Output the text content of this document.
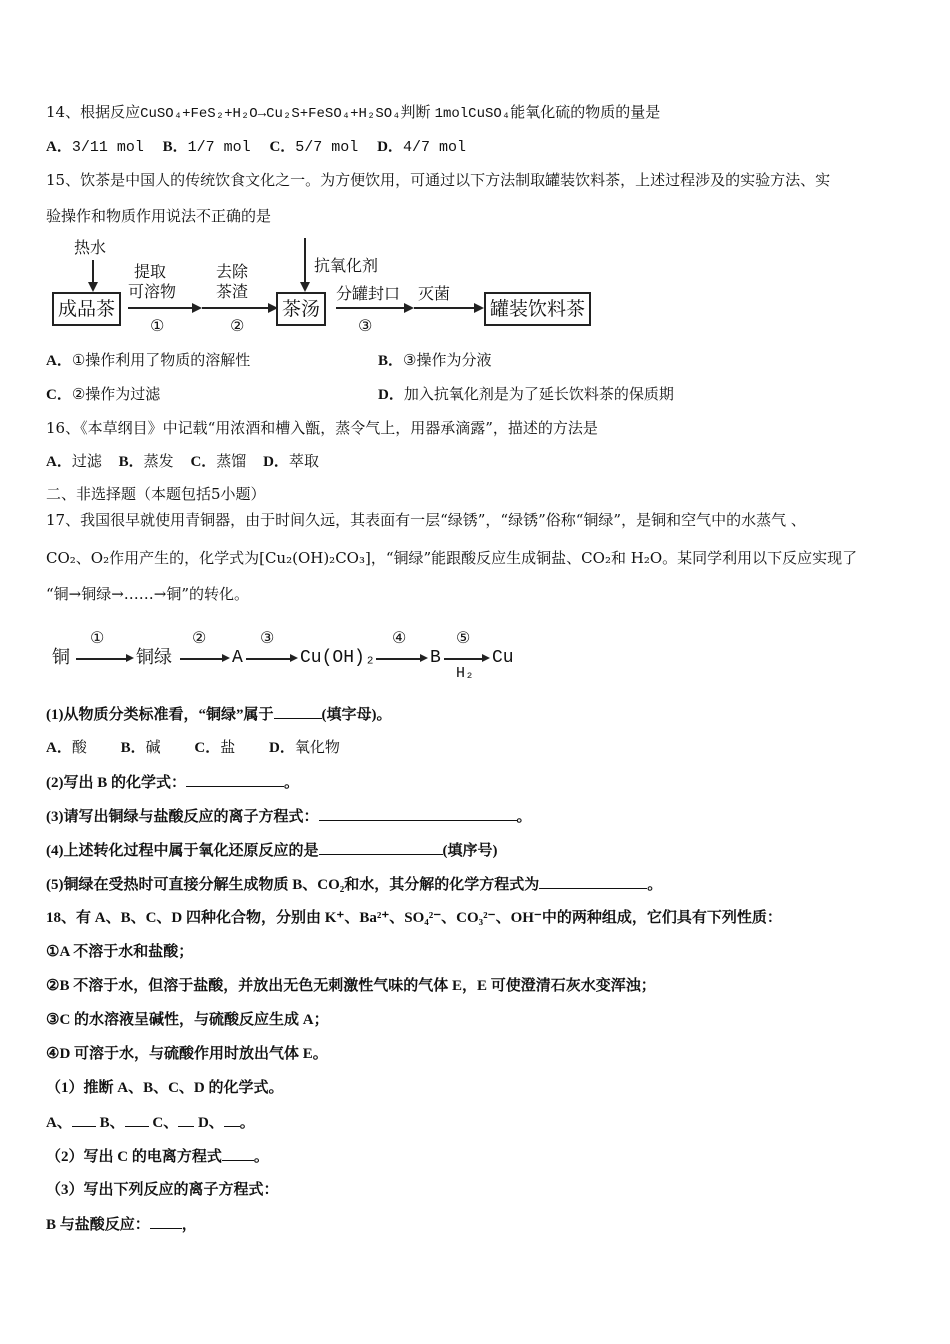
14、根据反应CuSO₄+FeS₂+H₂O→Cu₂S+FeSO₄+H₂SO₄判断 1molCuSO₄能氧化硫的物质的量是
A．3/11 mol B．1/7 mol C．5/7 mol D．4/7 mol
15、饮茶是中国人的传统饮食文化之一。为方便饮用，可通过以下方法制取罐装饮料茶，上述过程涉及的实验方法、实
验操作和物质作用说法不正确的是
热水
成品茶
提取
可溶物
①
去除
茶渣
②
抗氧化剂
茶汤
分罐封口 灭菌
③
罐装饮料茶
A．①操作利用了物质的溶解性	B．③操作为分液
C．②操作为过滤	D．加入抗氧化剂是为了延长饮料茶的保质期
16、《本草纲目》中记载“用浓酒和槽入甑，蒸令气上，用器承滴露”，描述的方法是
A．过滤 B．蒸发 C．蒸馏 D．萃取
二、非选择题（本题包括5小题）
17、我国很早就使用青铜器，由于时间久远，其表面有一层“绿锈”，“绿锈”俗称“铜绿”，是铜和空气中的水蒸气 、
CO₂、O₂作用产生的，化学式为[Cu₂(OH)₂CO₃]，“铜绿”能跟酸反应生成铜盐、CO₂和 H₂O。某同学利用以下反应实现了
“铜→铜绿→……→铜”的转化。
铜
①
铜绿
②
A
③
Cu(OH)₂
④
B
⑤
H₂
Cu
(1)从物质分类标准看，“铜绿”属于	(填字母)。
A．酸 B．碱 C．盐 D．氧化物
(2)写出 B 的化学式：	。
(3)请写出铜绿与盐酸反应的离子方程式：	。
(4)上述转化过程中属于氧化还原反应的是	(填序号)
(5)铜绿在受热时可直接分解生成物质 B、CO₂和水，其分解的化学方程式为	。
18、有 A、B、C、D 四种化合物，分别由 K⁺、Ba²⁺、SO₄²⁻、CO₃²⁻、OH⁻中的两种组成，它们具有下列性质：
①A 不溶于水和盐酸；
②B 不溶于水，但溶于盐酸，并放出无色无刺激性气味的气体 E，E 可使澄清石灰水变浑浊；
③C 的水溶液呈碱性，与硫酸反应生成 A；
④D 可溶于水，与硫酸作用时放出气体 E。
（1）推断 A、B、C、D 的化学式。
A、 B、 C、 D、 。
（2）写出 C 的电离方程式 。
（3）写出下列反应的离子方程式：
B 与盐酸反应： ，
